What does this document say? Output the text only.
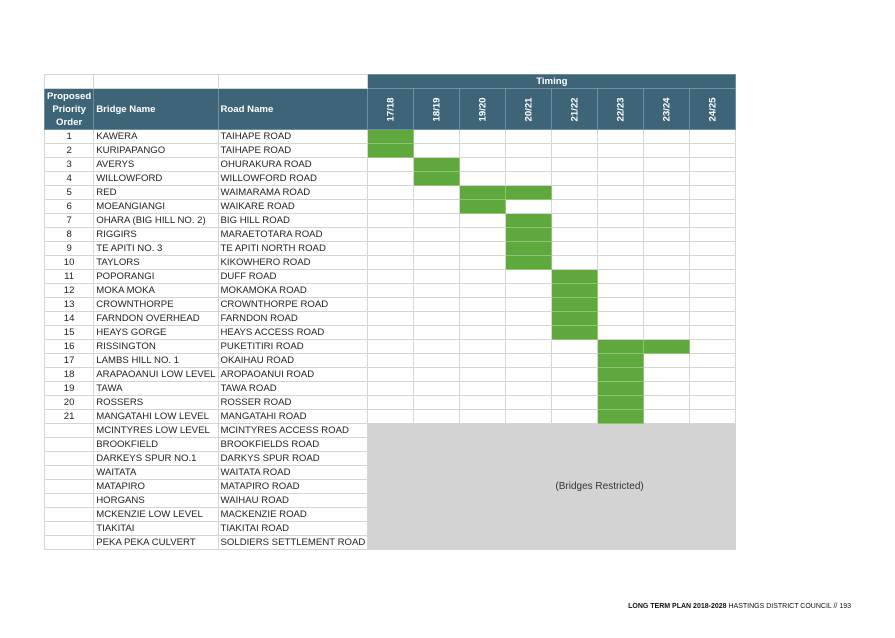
			Timing							

Proposed
Priority
Order	Bridge Name	Road Name	17/18	18/19	19/20	20/21	21/22	22/23	23/24	24/25
1	KAWERA	TAIHAPE ROAD								
2	KURIPAPANGO	TAIHAPE ROAD								
3	AVERYS	OHURAKURA ROAD								
4	WILLOWFORD	WILLOWFORD ROAD								
5	RED	WAIMARAMA ROAD								
6	MOEANGIANGI	WAIKARE ROAD								
7	OHARA (BIG HILL NO. 2)	BIG HILL ROAD								
8	RIGGIRS	MARAETOTARA ROAD								
9	TE APITI NO. 3	TE APITI NORTH ROAD								
10	TAYLORS	KIKOWHERO ROAD								
11	POPORANGI	DUFF ROAD								
12	MOKA MOKA	MOKAMOKA ROAD								
13	CROWNTHORPE	CROWNTHORPE ROAD								
14	FARNDON OVERHEAD	FARNDON ROAD								
15	HEAYS GORGE	HEAYS ACCESS ROAD								
16	RISSINGTON	PUKETITIRI ROAD								
17	LAMBS HILL NO. 1	OKAIHAU ROAD								
18	ARAPAOANUI LOW LEVEL	AROPAOANUI ROAD								
19	TAWA	TAWA ROAD								
20	ROSSERS	ROSSER ROAD								
21	MANGATAHI LOW LEVEL	MANGATAHI ROAD								
	MCINTYRES LOW LEVEL	MCINTYRES ACCESS ROAD	(Bridges Restricted)							
	BROOKFIELD	BROOKFIELDS ROAD								
	DARKEYS SPUR NO.1	DARKYS SPUR ROAD								
	WAITATA	WAITATA ROAD								
	MATAPIRO	MATAPIRO ROAD								
	HORGANS	WAIHAU ROAD								
	MCKENZIE LOW LEVEL	MACKENZIE ROAD								
	TIAKITAI	TIAKITAI ROAD								
	PEKA PEKA CULVERT	SOLDIERS SETTLEMENT ROAD								
LONG TERM PLAN 2018-2028 HASTINGS DISTRICT COUNCIL // 193
